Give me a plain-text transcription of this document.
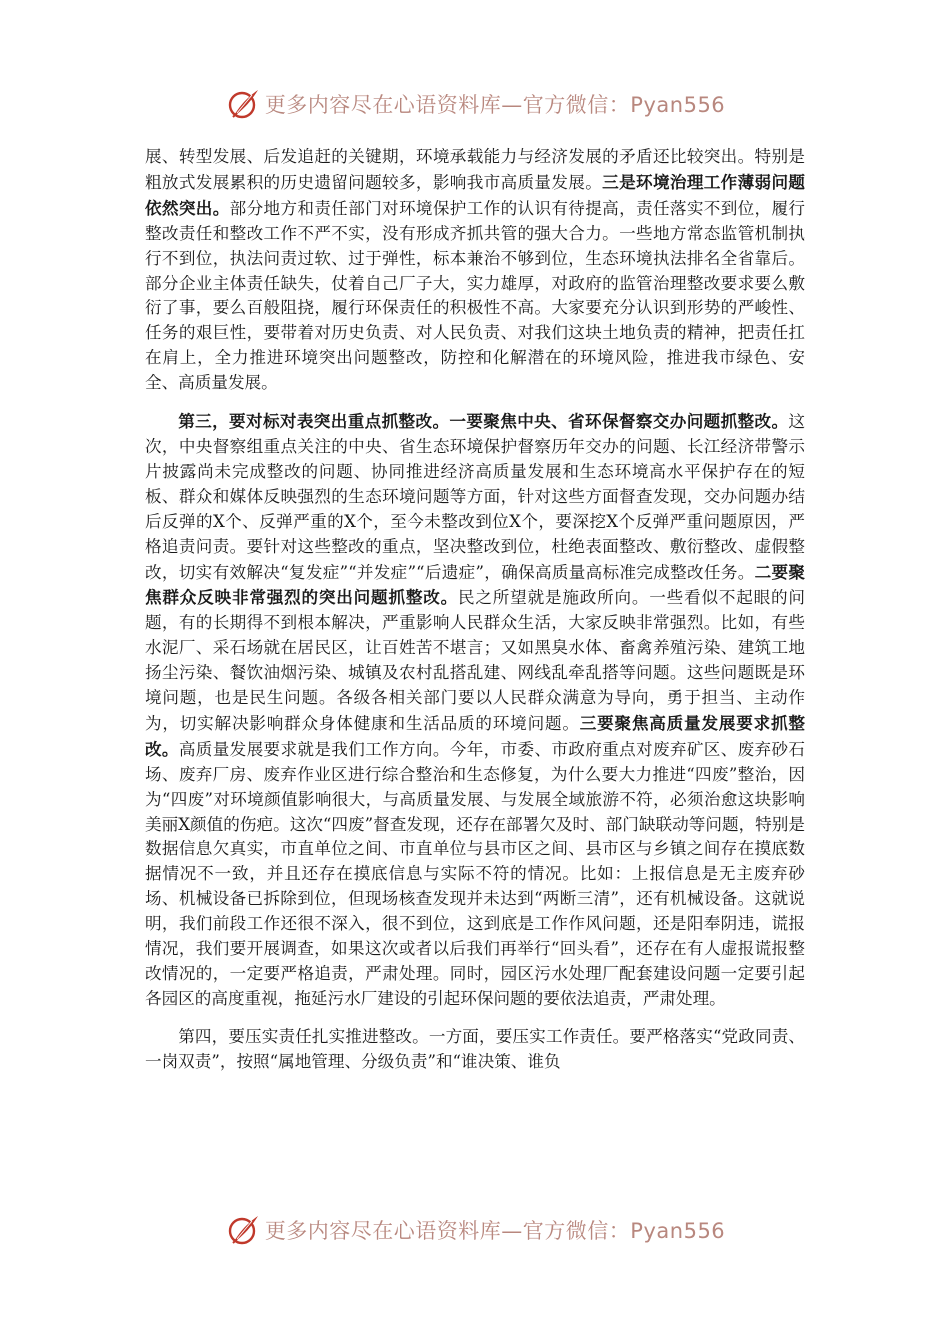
更多内容尽在心语资料库—官方微信：Pyan556

展、转型发展、后发追赶的关键期，环境承载能力与经济发展的矛盾还比较突出。特别是粗放式发展累积的历史遗留问题较多，影响我市高质量发展。三是环境治理工作薄弱问题依然突出。部分地方和责任部门对环境保护工作的认识有待提高，责任落实不到位，履行整改责任和整改工作不严不实，没有形成齐抓共管的强大合力。一些地方常态监管机制执行不到位，执法问责过软、过于弹性，标本兼治不够到位，生态环境执法排名全省靠后。部分企业主体责任缺失，仗着自己厂子大，实力雄厚，对政府的监管治理整改要求要么敷衍了事，要么百般阻挠，履行环保责任的积极性不高。大家要充分认识到形势的严峻性、任务的艰巨性，要带着对历史负责、对人民负责、对我们这块土地负责的精神，把责任扛在肩上，全力推进环境突出问题整改，防控和化解潜在的环境风险，推进我市绿色、安全、高质量发展。

第三，要对标对表突出重点抓整改。一要聚焦中央、省环保督察交办问题抓整改。这次，中央督察组重点关注的中央、省生态环境保护督察历年交办的问题、长江经济带警示片披露尚未完成整改的问题、协同推进经济高质量发展和生态环境高水平保护存在的短板、群众和媒体反映强烈的生态环境问题等方面，针对这些方面督查发现，交办问题办结后反弹的X个、反弹严重的X个，至今未整改到位X个，要深挖X个反弹严重问题原因，严格追责问责。要针对这些整改的重点，坚决整改到位，杜绝表面整改、敷衍整改、虚假整改，切实有效解决“复发症”“并发症”“后遗症”，确保高质量高标准完成整改任务。二要聚焦群众反映非常强烈的突出问题抓整改。民之所望就是施政所向。一些看似不起眼的问题，有的长期得不到根本解决，严重影响人民群众生活，大家反映非常强烈。比如，有些水泥厂、采石场就在居民区，让百姓苦不堪言；又如黑臭水体、畜禽养殖污染、建筑工地扬尘污染、餐饮油烟污染、城镇及农村乱搭乱建、网线乱牵乱搭等问题。这些问题既是环境问题，也是民生问题。各级各相关部门要以人民群众满意为导向，勇于担当、主动作为，切实解决影响群众身体健康和生活品质的环境问题。三要聚焦高质量发展要求抓整改。高质量发展要求就是我们工作方向。今年，市委、市政府重点对废弃矿区、废弃砂石场、废弃厂房、废弃作业区进行综合整治和生态修复，为什么要大力推进“四废”整治，因为“四废”对环境颜值影响很大，与高质量发展、与发展全域旅游不符，必须治愈这块影响美丽X颜值的伤疤。这次“四废”督查发现，还存在部署欠及时、部门缺联动等问题，特别是数据信息欠真实，市直单位之间、市直单位与县市区之间、县市区与乡镇之间存在摸底数据情况不一致，并且还存在摸底信息与实际不符的情况。比如：上报信息是无主废弃砂场、机械设备已拆除到位，但现场核查发现并未达到“两断三清”，还有机械设备。这就说明，我们前段工作还很不深入，很不到位，这到底是工作作风问题，还是阳奉阴违，谎报情况，我们要开展调查，如果这次或者以后我们再举行“回头看”，还存在有人虚报谎报整改情况的，一定要严格追责，严肃处理。同时，园区污水处理厂配套建设问题一定要引起各园区的高度重视，拖延污水厂建设的引起环保问题的要依法追责，严肃处理。

第四，要压实责任扎实推进整改。一方面，要压实工作责任。要严格落实“党政同责、一岗双责”，按照“属地管理、分级负责”和“谁决策、谁负

更多内容尽在心语资料库—官方微信：Pyan556
